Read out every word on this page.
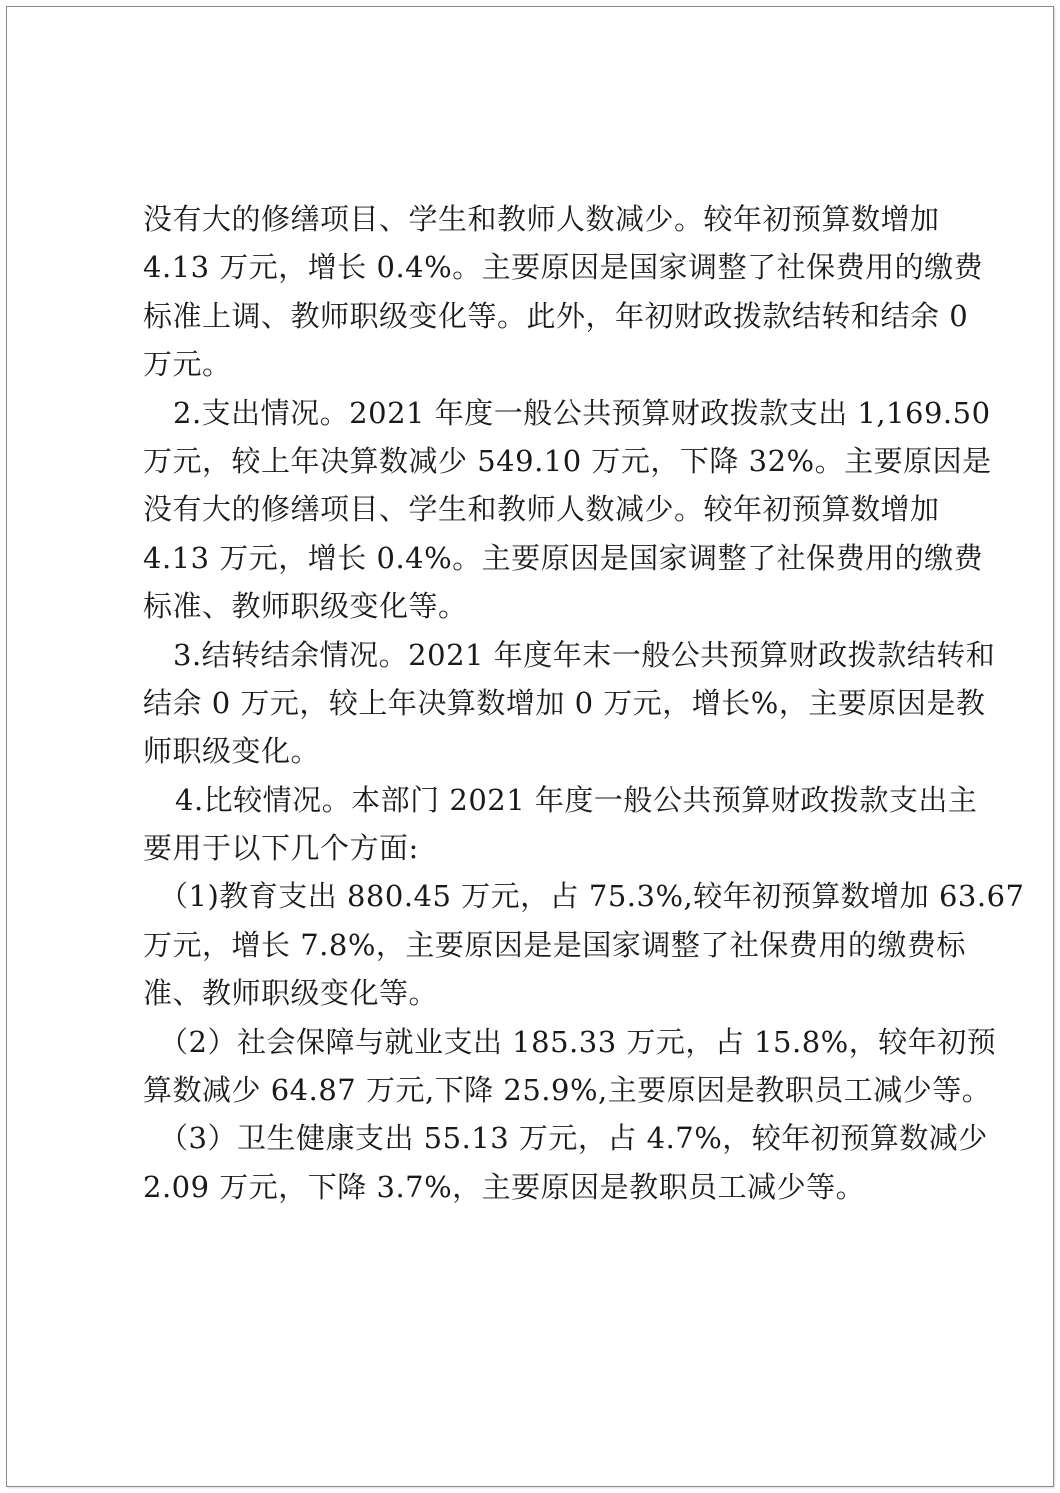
没有大的修缮项目、学生和教师人数减少。较年初预算数增加
4.13 万元，增长 0.4%。主要原因是国家调整了社保费用的缴费
标准上调、教师职级变化等。此外，年初财政拨款结转和结余 0
万元。
2.支出情况。2021 年度一般公共预算财政拨款支出 1,169.50
万元，较上年决算数减少 549.10 万元，下降 32%。主要原因是
没有大的修缮项目、学生和教师人数减少。较年初预算数增加
4.13 万元，增长 0.4%。主要原因是国家调整了社保费用的缴费
标准、教师职级变化等。
3.结转结余情况。2021 年度年末一般公共预算财政拨款结转和
结余 0 万元，较上年决算数增加 0 万元，增长%，主要原因是教
师职级变化。
4.比较情况。本部门 2021 年度一般公共预算财政拨款支出主
要用于以下几个方面:
（1)教育支出 880.45 万元，占 75.3%,较年初预算数增加 63.67
万元，增长 7.8%，主要原因是是国家调整了社保费用的缴费标
准、教师职级变化等。
（2）社会保障与就业支出 185.33 万元，占 15.8%，较年初预
算数减少 64.87 万元,下降 25.9%,主要原因是教职员工减少等。
（3）卫生健康支出 55.13 万元，占 4.7%，较年初预算数减少
2.09 万元，下降 3.7%，主要原因是教职员工减少等。
